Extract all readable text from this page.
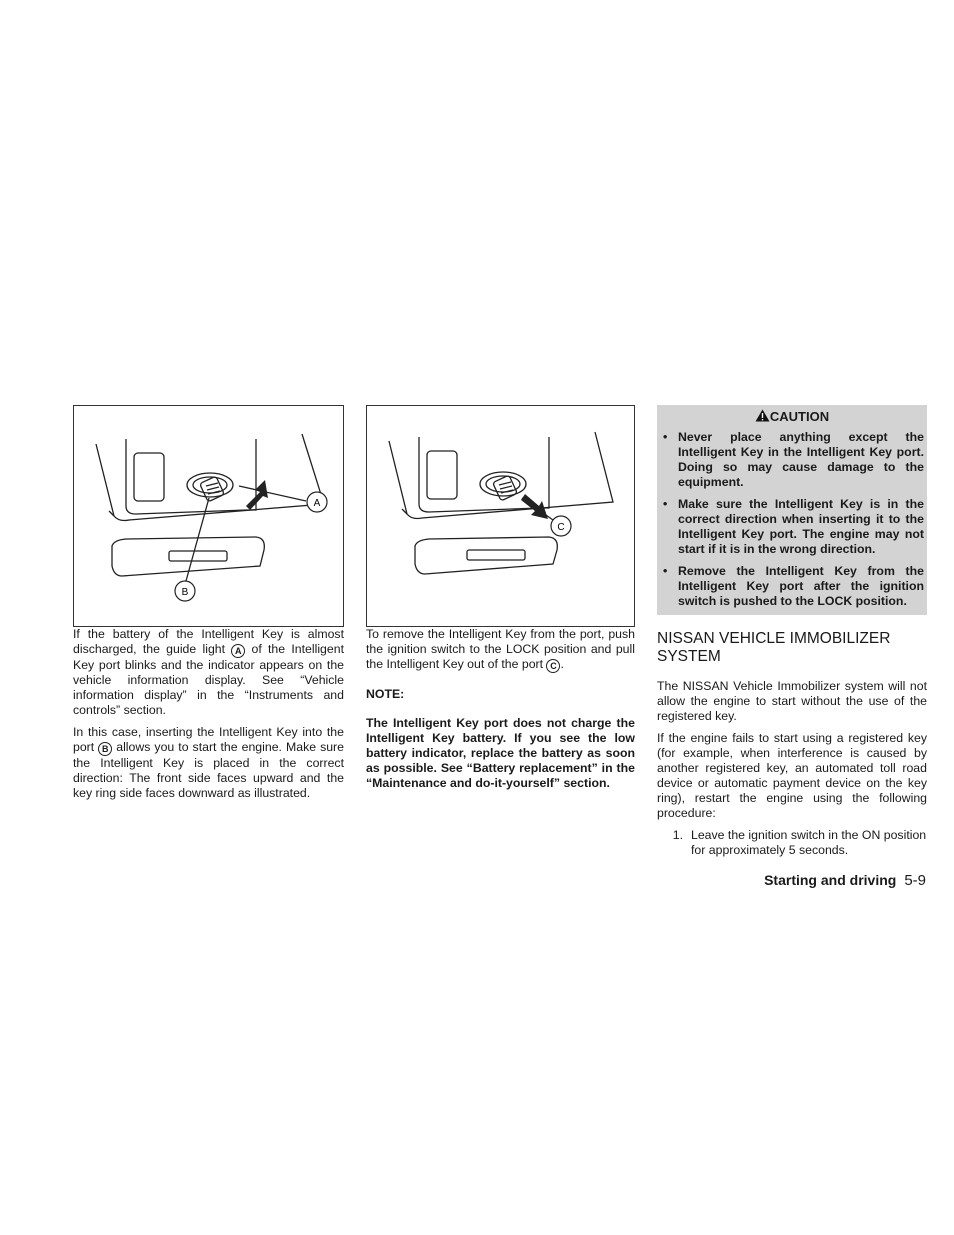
A
B

If the battery of the Intelligent Key is almost discharged, the guide light A of the Intelligent Key port blinks and the indicator appears on the vehicle information display. See “Vehicle information display” in the “Instruments and controls” section.

In this case, inserting the Intelligent Key into the port B allows you to start the engine. Make sure the Intelligent Key is placed in the correct direction: The front side faces upward and the key ring side faces downward as illustrated.

C

To remove the Intelligent Key from the port, push the ignition switch to the LOCK position and pull the Intelligent Key out of the port C .

NOTE:

The Intelligent Key port does not charge the Intelligent Key battery. If you see the low battery indicator, replace the battery as soon as possible. See “Battery replacement” in the “Maintenance and do-it-yourself” section.

CAUTION
• Never place anything except the Intelligent Key in the Intelligent Key port. Doing so may cause damage to the equipment.
• Make sure the Intelligent Key is in the correct direction when inserting it to the Intelligent Key port. The engine may not start if it is in the wrong direction.
• Remove the Intelligent Key from the Intelligent Key port after the ignition switch is pushed to the LOCK position.
NISSAN VEHICLE IMMOBILIZER SYSTEM

The NISSAN Vehicle Immobilizer system will not allow the engine to start without the use of the registered key.

If the engine fails to start using a registered key (for example, when interference is caused by another registered key, an automated toll road device or automatic payment device on the key ring), restart the engine using the following procedure:

1. Leave the ignition switch in the ON position for approximately 5 seconds.
Starting and driving 5-9
